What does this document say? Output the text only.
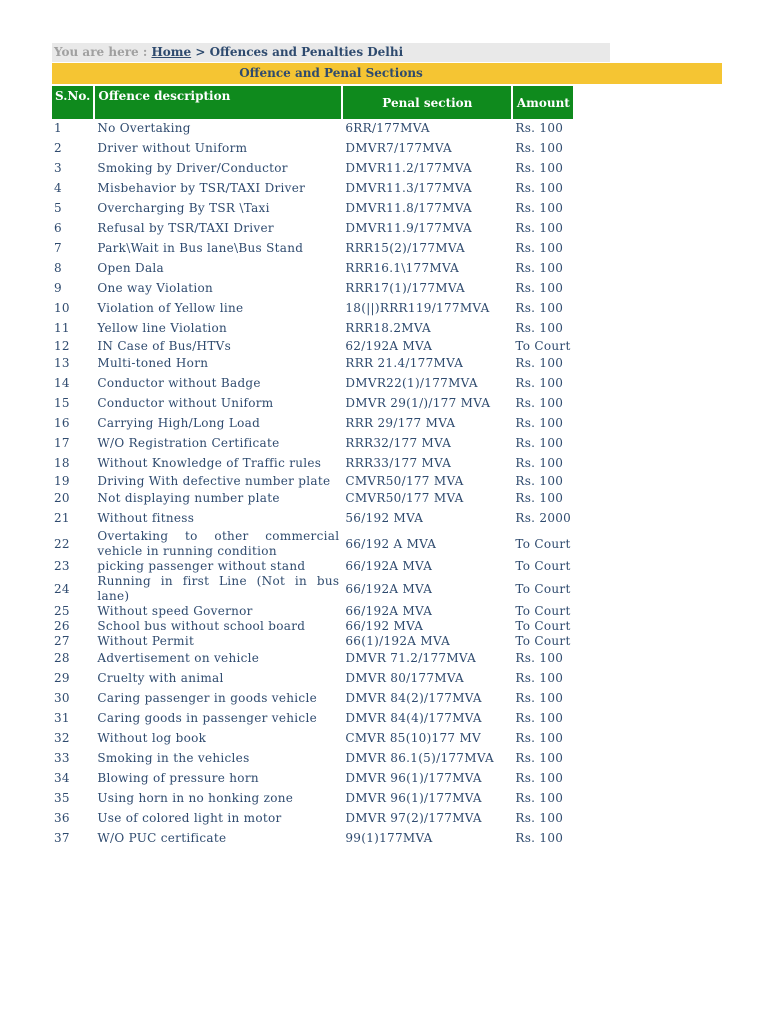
You are here : Home > Offences and Penalties Delhi
Offence and Penal Sections
S.No.	Offence description	Penal section	Amount
1	No Overtaking	6RR/177MVA	Rs. 100
2	Driver without Uniform	DMVR7/177MVA	Rs. 100
3	Smoking by Driver/Conductor	DMVR11.2/177MVA	Rs. 100
4	Misbehavior by TSR/TAXI Driver	DMVR11.3/177MVA	Rs. 100
5	Overcharging By TSR \Taxi	DMVR11.8/177MVA	Rs. 100
6	Refusal by TSR/TAXI Driver	DMVR11.9/177MVA	Rs. 100
7	Park\Wait in Bus lane\Bus Stand	RRR15(2)/177MVA	Rs. 100
8	Open Dala	RRR16.1\177MVA	Rs. 100
9	One way Violation	RRR17(1)/177MVA	Rs. 100
10	Violation of Yellow line	18(||)RRR119/177MVA	Rs. 100
11	Yellow line Violation	RRR18.2MVA	Rs. 100
12	IN Case of Bus/HTVs	62/192A MVA	To Court
13	Multi-toned Horn	RRR 21.4/177MVA	Rs. 100
14	Conductor without Badge	DMVR22(1)/177MVA	Rs. 100
15	Conductor without Uniform	DMVR 29(1/)/177 MVA	Rs. 100
16	Carrying High/Long Load	RRR 29/177 MVA	Rs. 100
17	W/O Registration Certificate	RRR32/177 MVA	Rs. 100
18	Without Knowledge of Traffic rules	RRR33/177 MVA	Rs. 100
19	Driving With defective number plate	CMVR50/177 MVA	Rs. 100
20	Not displaying number plate	CMVR50/177 MVA	Rs. 100
21	Without fitness	56/192 MVA	Rs. 2000
22	Overtaking to other commercial vehicle in running condition	66/192 A MVA	To Court
23	picking passenger without stand	66/192A MVA	To Court
24	Running in first Line (Not in bus lane)	66/192A MVA	To Court
25	Without speed Governor	66/192A MVA	To Court
26	School bus without school board	66/192 MVA	To Court
27	Without Permit	66(1)/192A MVA	To Court
28	Advertisement on vehicle	DMVR 71.2/177MVA	Rs. 100
29	Cruelty with animal	DMVR 80/177MVA	Rs. 100
30	Caring passenger in goods vehicle	DMVR 84(2)/177MVA	Rs. 100
31	Caring goods in passenger vehicle	DMVR 84(4)/177MVA	Rs. 100
32	Without log book	CMVR 85(10)177 MV	Rs. 100
33	Smoking in the vehicles	DMVR 86.1(5)/177MVA	Rs. 100
34	Blowing of pressure horn	DMVR 96(1)/177MVA	Rs. 100
35	Using horn in no honking zone	DMVR 96(1)/177MVA	Rs. 100
36	Use of colored light in motor	DMVR 97(2)/177MVA	Rs. 100
37	W/O PUC certificate	99(1)177MVA	Rs. 100
